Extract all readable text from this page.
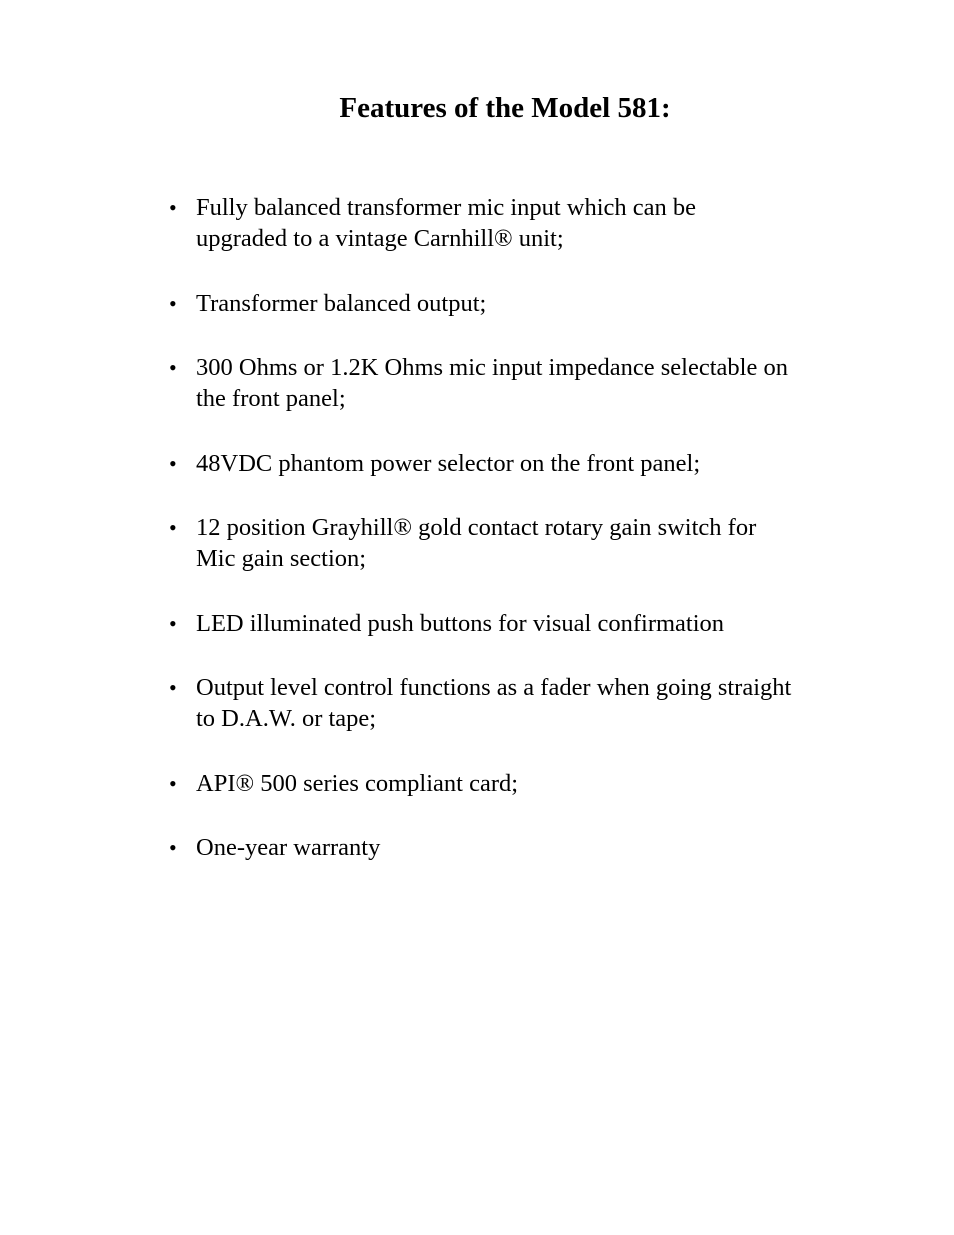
Features of the Model 581:
• Fully balanced transformer mic input which can be
upgraded to a vintage Carnhill® unit;
• Transformer balanced output;
• 300 Ohms or 1.2K Ohms mic input impedance selectable on
the front panel;
• 48VDC phantom power selector on the front panel;
• 12 position Grayhill® gold contact rotary gain switch for
Mic gain section;
• LED illuminated push buttons for visual confirmation
• Output level control functions as a fader when going straight
to D.A.W. or tape;
• API® 500 series compliant card;
• One-year warranty
